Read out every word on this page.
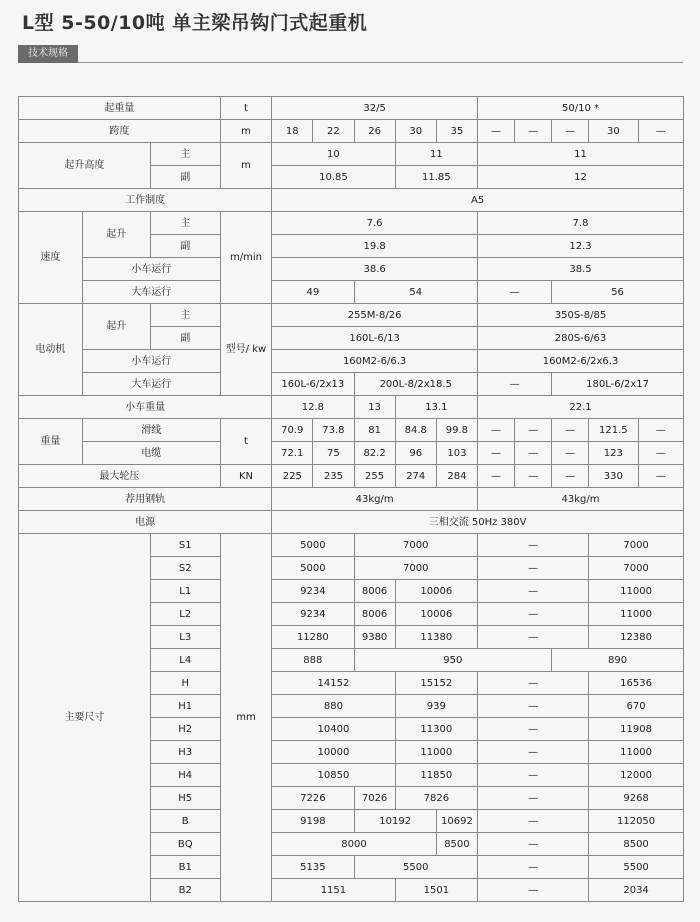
L型 5-50/10吨 单主梁吊钩门式起重机
技术规格
起重量			t	32/5					50/10 *				
跨度			m	18	22	26	30	35	—	—	—	30	—
起升高度		主	m	10			11		11				
		副		10.85			11.85		12				
工作制度				A5									
速度	起升	主	m/min	7.6					7.8				
		副		19.8					12.3				
	小车运行			38.6					38.5				
	大车运行			49		54			—		56		
电动机	起升	主	型号/ kw	255M-8/26					350S-8/85				
		副		160L-6/13					280S-6/63				
	小车运行			160M2-6/6.3					160M2-6/2x6.3				
	大车运行			160L-6/2x13		200L-8/2x18.5			—		180L-6/2x17		
小车重量				12.8		13	13.1		22.1				
重量	滑线		t	70.9	73.8	81	84.8	99.8	—	—	—	121.5	—
	电缆			72.1	75	82.2	96	103	—	—	—	123	—
最大轮压			KN	225	235	255	274	284	—	—	—	330	—
荐用钢轨				43kg/m					43kg/m				
电源				三相交流 50Hz 380V									
主要尺寸		S1	mm	5000		7000			—			7000	
		S2		5000		7000			—			7000	
		L1		9234		8006	10006		—			11000	
		L2		9234		8006	10006		—			11000	
		L3		11280		9380	11380		—			12380	
		L4		888		950					890		
		H		14152			15152		—			16536	
		H1		880			939		—			670	
		H2		10400			11300		—			11908	
		H3		10000			11000		—			11000	
		H4		10850			11850		—			12000	
		H5		7226		7026	7826		—			9268	
		B		9198		10192		10692	—			112050	
		BQ		8000				8500	—			8500	
		B1		5135		5500			—			5500	
		B2		1151			1501		—			2034	
